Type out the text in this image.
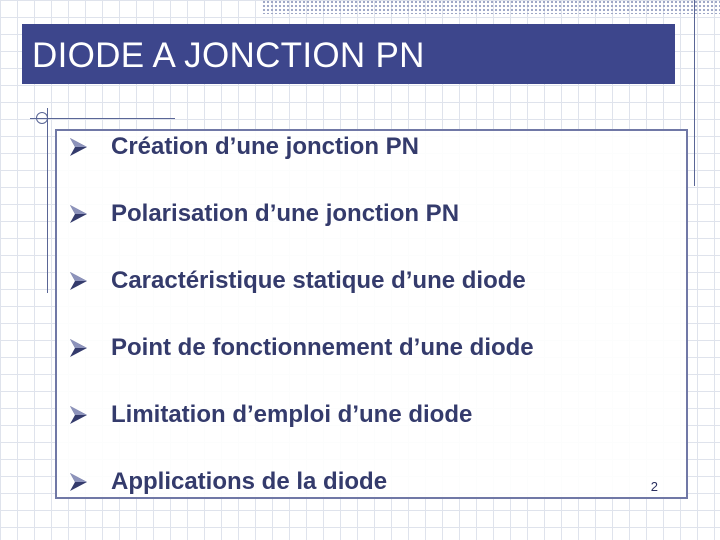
DIODE A JONCTION PN
Création d’une jonction PN
Polarisation d’une jonction PN
Caractéristique statique d’une diode
Point de fonctionnement d’une diode
Limitation d’emploi d’une diode
Applications de la diode	2
